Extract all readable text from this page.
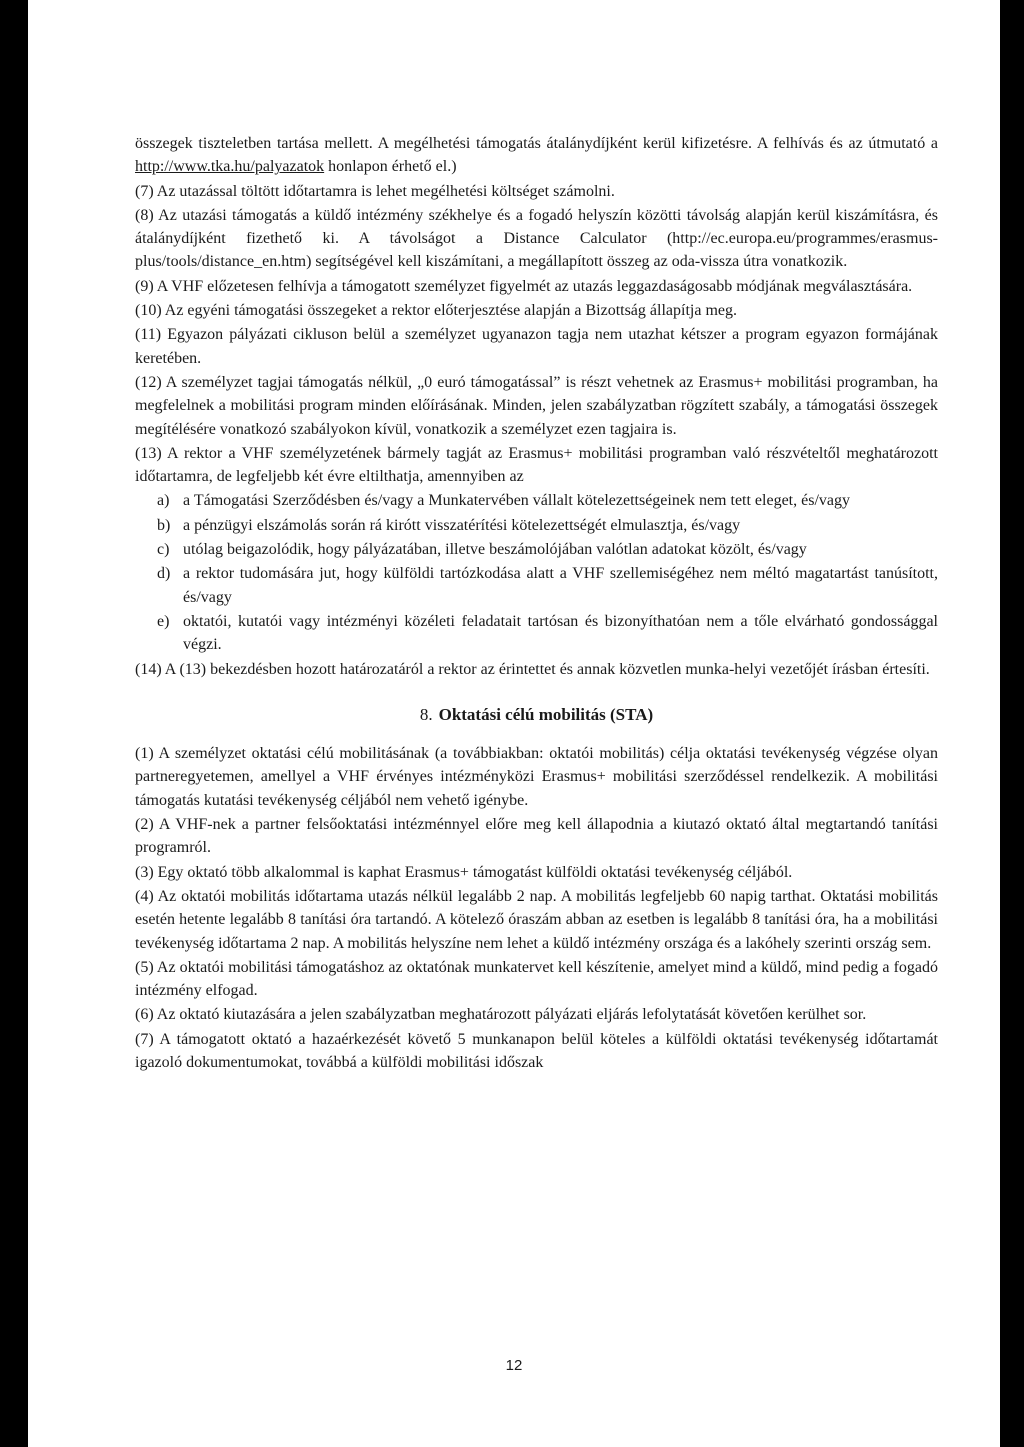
összegek tiszteletben tartása mellett. A megélhetési támogatás átalánydíjként kerül kifizetésre. A felhívás és az útmutató a http://www.tka.hu/palyazatok honlapon érhető el.)

(7) Az utazással töltött időtartamra is lehet megélhetési költséget számolni.

(8) Az utazási támogatás a küldő intézmény székhelye és a fogadó helyszín közötti távolság alapján kerül kiszámításra, és átalánydíjként fizethető ki. A távolságot a Distance Calculator (http://ec.europa.eu/programmes/erasmus-plus/tools/distance_en.htm) segítségével kell kiszámítani, a megállapított összeg az oda-vissza útra vonatkozik.

(9) A VHF előzetesen felhívja a támogatott személyzet figyelmét az utazás leggazdaságosabb módjának megválasztására.

(10) Az egyéni támogatási összegeket a rektor előterjesztése alapján a Bizottság állapítja meg.

(11) Egyazon pályázati cikluson belül a személyzet ugyanazon tagja nem utazhat kétszer a program egyazon formájának keretében.

(12) A személyzet tagjai támogatás nélkül, „0 euró támogatással” is részt vehetnek az Erasmus+ mobilitási programban, ha megfelelnek a mobilitási program minden előírásának. Minden, jelen szabályzatban rögzített szabály, a támogatási összegek megítélésére vonatkozó szabályokon kívül, vonatkozik a személyzet ezen tagjaira is.

(13) A rektor a VHF személyzetének bármely tagját az Erasmus+ mobilitási programban való részvételtől meghatározott időtartamra, de legfeljebb két évre eltilthatja, amennyiben az

a) a Támogatási Szerződésben és/vagy a Munkatervében vállalt kötelezettségeinek nem tett eleget, és/vagy
b) a pénzügyi elszámolás során rá kirótt visszatérítési kötelezettségét elmulasztja, és/vagy
c) utólag beigazolódik, hogy pályázatában, illetve beszámolójában valótlan adatokat közölt, és/vagy
d) a rektor tudomására jut, hogy külföldi tartózkodása alatt a VHF szellemiségéhez nem méltó magatartást tanúsított, és/vagy
e) oktatói, kutatói vagy intézményi közéleti feladatait tartósan és bizonyíthatóan nem a tőle elvárható gondossággal végzi.

(14) A (13) bekezdésben hozott határozatáról a rektor az érintettet és annak közvetlen munka-helyi vezetőjét írásban értesíti.

8. Oktatási célú mobilitás (STA)

(1) A személyzet oktatási célú mobilitásának (a továbbiakban: oktatói mobilitás) célja oktatási tevékenység végzése olyan partneregyetemen, amellyel a VHF érvényes intézményközi Erasmus+ mobilitási szerződéssel rendelkezik. A mobilitási támogatás kutatási tevékenység céljából nem vehető igénybe.

(2) A VHF-nek a partner felsőoktatási intézménnyel előre meg kell állapodnia a kiutazó oktató által megtartandó tanítási programról.

(3) Egy oktató több alkalommal is kaphat Erasmus+ támogatást külföldi oktatási tevékenység céljából.

(4) Az oktatói mobilitás időtartama utazás nélkül legalább 2 nap. A mobilitás legfeljebb 60 napig tarthat. Oktatási mobilitás esetén hetente legalább 8 tanítási óra tartandó. A kötelező óraszám abban az esetben is legalább 8 tanítási óra, ha a mobilitási tevékenység időtartama 2 nap. A mobilitás helyszíne nem lehet a küldő intézmény országa és a lakóhely szerinti ország sem.

(5) Az oktatói mobilitási támogatáshoz az oktatónak munkatervet kell készítenie, amelyet mind a küldő, mind pedig a fogadó intézmény elfogad.

(6) Az oktató kiutazására a jelen szabályzatban meghatározott pályázati eljárás lefolytatását követően kerülhet sor.

(7) A támogatott oktató a hazaérkezését követő 5 munkanapon belül köteles a külföldi oktatási tevékenység időtartamát igazoló dokumentumokat, továbbá a külföldi mobilitási időszak

12
